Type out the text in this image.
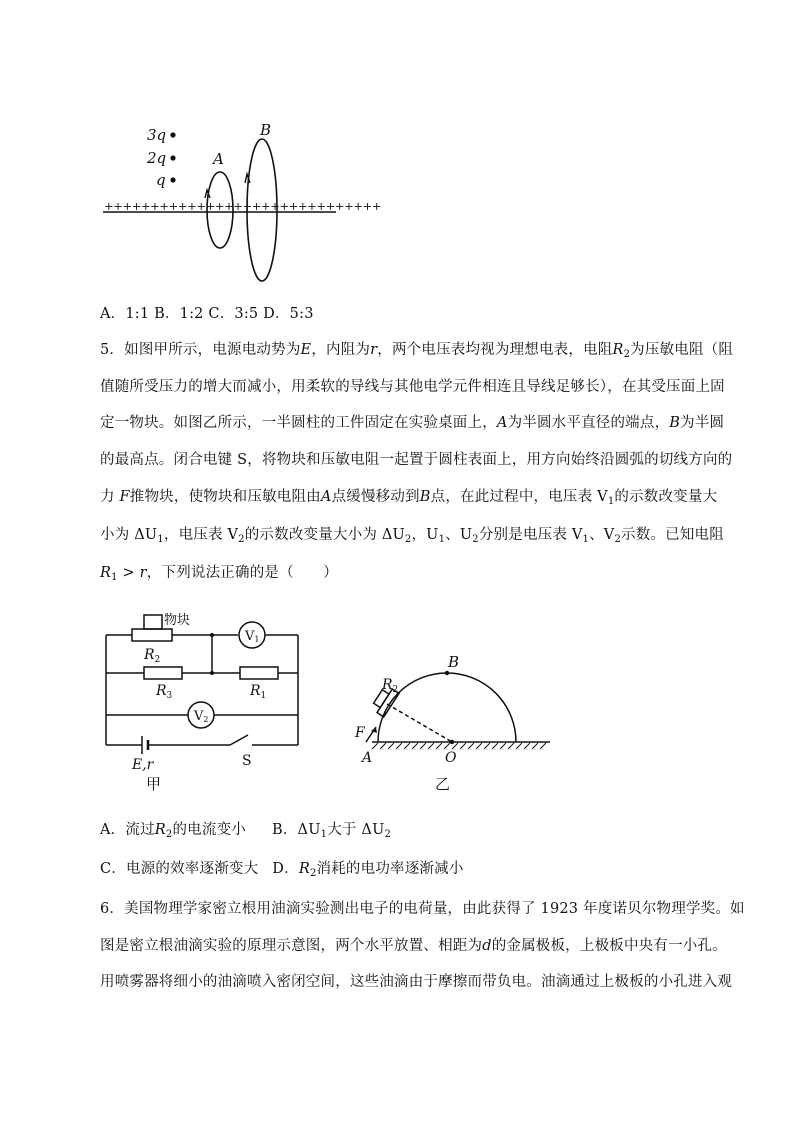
3q
2q
q
A
B
++++++++++++++++++++++++++++++
A．1:1 B．1:2 C．3:5 D．5:3
5．如图甲所示，电源电动势为E，内阻为r，两个电压表均视为理想电表，电阻$R_2$为压敏电阻（阻
值随所受压力的增大而减小，用柔软的导线与其他电学元件相连且导线足够长），在其受压面上固
定一物块。如图乙所示，一半圆柱的工件固定在实验桌面上，A为半圆水平直径的端点，B为半圆
的最高点。闭合电键 S，将物块和压敏电阻一起置于圆柱表面上，用方向始终沿圆弧的切线方向的
力 F推物块，使物块和压敏电阻由A点缓慢移动到B点，在此过程中，电压表 $V_1$的示数改变量大
小为 $\Delta U_1$，电压表 $V_2$的示数改变量大小为 $\Delta U_2$，$U_1$、$U_2$分别是电压表 $V_1$、$V_2$示数。已知电阻
$R_1 > r$，下列说法正确的是（　　）
物块
$R_2$
$R_3$	$R_1$
V1
V2
E,r	S
甲
$R_2$
B
F
A	O
乙
A．流过$R_2$的电流变小 B．$\Delta U_1$大于 $\Delta U_2$
C．电源的效率逐渐变大 D．$R_2$消耗的电功率逐渐减小
6．美国物理学家密立根用油滴实验测出电子的电荷量，由此获得了 1923 年度诺贝尔物理学奖。如
图是密立根油滴实验的原理示意图，两个水平放置、相距为d的金属极板，上极板中央有一小孔。
用喷雾器将细小的油滴喷入密闭空间，这些油滴由于摩擦而带负电。油滴通过上极板的小孔进入观
